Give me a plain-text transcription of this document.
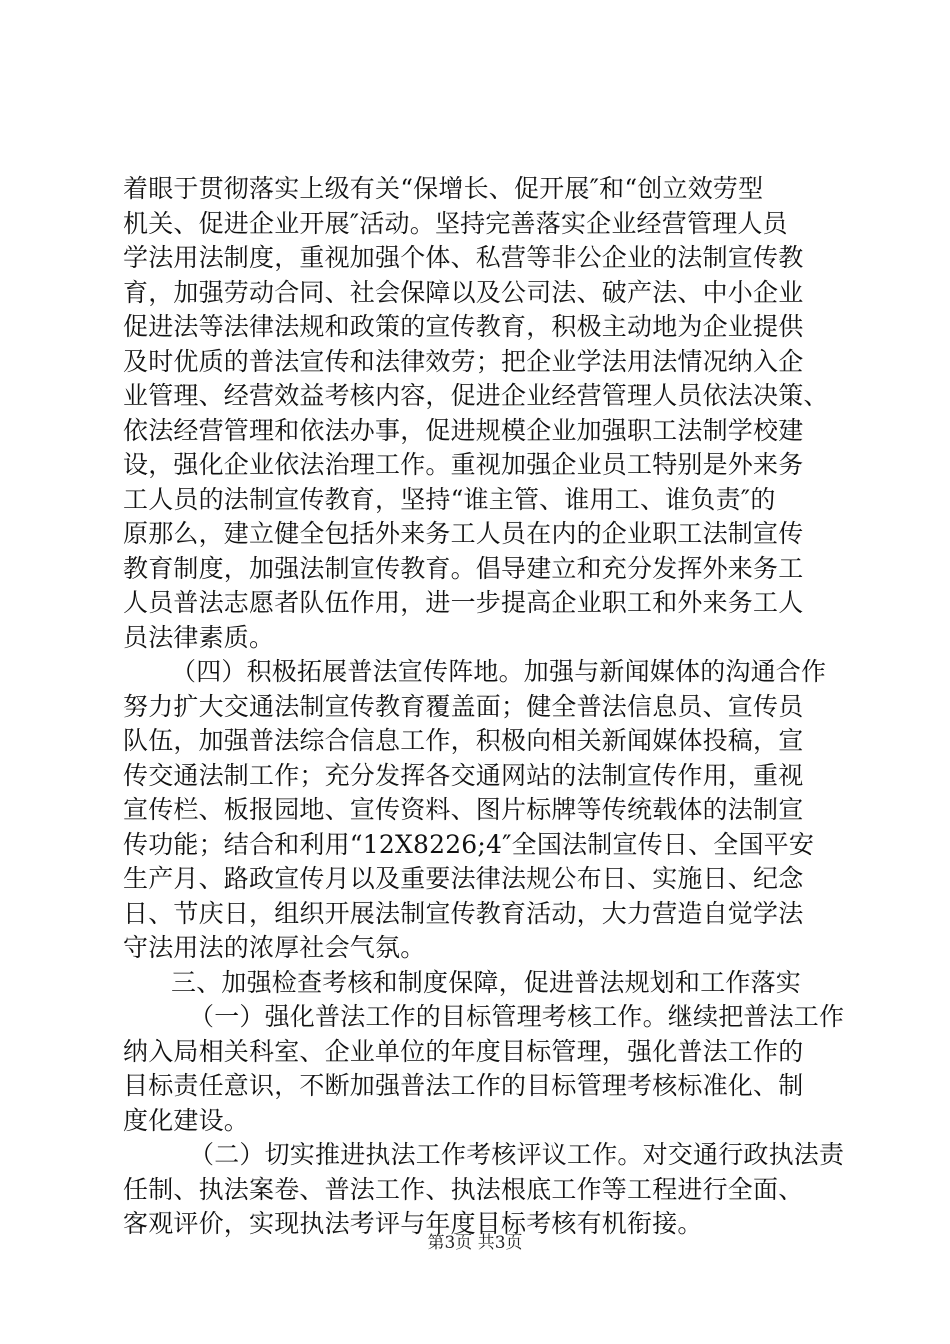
着眼于贯彻落实上级有关“保增长、促开展″和“创立效劳型
机关、促进企业开展″活动。坚持完善落实企业经营管理人员
学法用法制度，重视加强个体、私营等非公企业的法制宣传教
育，加强劳动合同、社会保障以及公司法、破产法、中小企业
促进法等法律法规和政策的宣传教育，积极主动地为企业提供
及时优质的普法宣传和法律效劳；把企业学法用法情况纳入企
业管理、经营效益考核内容，促进企业经营管理人员依法决策、
依法经营管理和依法办事，促进规模企业加强职工法制学校建
设，强化企业依法治理工作。重视加强企业员工特别是外来务
工人员的法制宣传教育，坚持“谁主管、谁用工、谁负责″的
原那么，建立健全包括外来务工人员在内的企业职工法制宣传
教育制度，加强法制宣传教育。倡导建立和充分发挥外来务工
人员普法志愿者队伍作用，进一步提高企业职工和外来务工人
员法律素质。
（四）积极拓展普法宣传阵地。加强与新闻媒体的沟通合作
努力扩大交通法制宣传教育覆盖面；健全普法信息员、宣传员
队伍，加强普法综合信息工作，积极向相关新闻媒体投稿，宣
传交通法制工作；充分发挥各交通网站的法制宣传作用，重视
宣传栏、板报园地、宣传资料、图片标牌等传统载体的法制宣
传功能；结合和利用“12X8226;4″全国法制宣传日、全国平安
生产月、路政宣传月以及重要法律法规公布日、实施日、纪念
日、节庆日，组织开展法制宣传教育活动，大力营造自觉学法
守法用法的浓厚社会气氛。
三、加强检查考核和制度保障，促进普法规划和工作落实
（一）强化普法工作的目标管理考核工作。继续把普法工作
纳入局相关科室、企业单位的年度目标管理，强化普法工作的
目标责任意识，不断加强普法工作的目标管理考核标准化、制
度化建设。
（二）切实推进执法工作考核评议工作。对交通行政执法责
任制、执法案卷、普法工作、执法根底工作等工程进行全面、
客观评价，实现执法考评与年度目标考核有机衔接。
第3页 共3页
